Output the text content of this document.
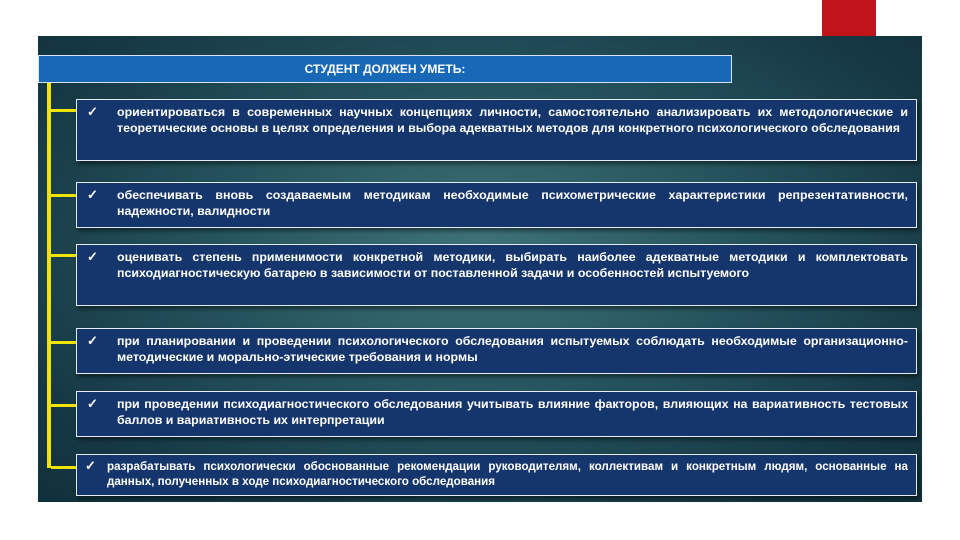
СТУДЕНТ ДОЛЖЕН УМЕТЬ:
✓ ориентироваться в современных научных концепциях личности, самостоятельно анализировать их методологические и теоретические основы в целях определения и выбора адекватных методов для конкретного психологического обследования
✓ обеспечивать вновь создаваемым методикам необходимые психометрические характеристики репрезентативности, надежности, валидности
✓ оценивать степень применимости конкретной методики, выбирать наиболее адекватные методики и комплектовать психодиагностическую батарею в зависимости от поставленной задачи и особенностей испытуемого
✓ при планировании и проведении психологического обследования испытуемых соблюдать необходимые организационно-методические и морально-этические требования и нормы
✓ при проведении психодиагностического обследования учитывать влияние факторов, влияющих на вариативность тестовых баллов и вариативность их интерпретации
✓ разрабатывать психологически обоснованные рекомендации руководителям, коллективам и конкретным людям, основанные на данных, полученных в ходе психодиагностического обследования
